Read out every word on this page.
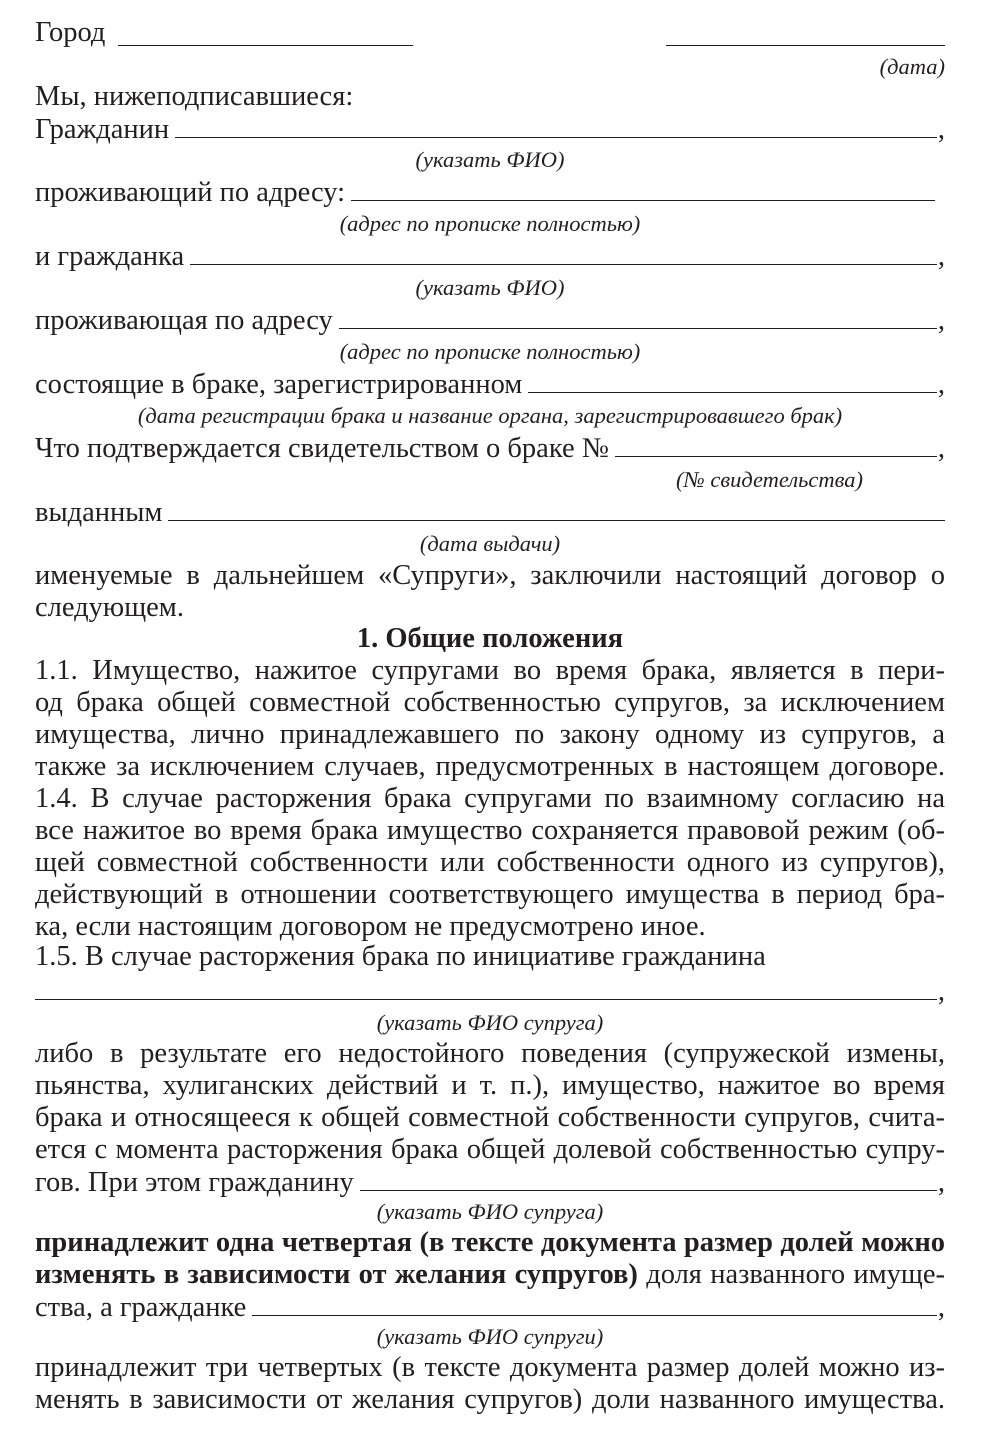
Город
(дата)
Мы, нижеподписавшиеся:
Гражданин	,
(указать ФИО)
проживающий по адресу:
(адрес по прописке полностью)
и гражданка	,
(указать ФИО)
проживающая по адресу	,
(адрес по прописке полностью)
состоящие в браке, зарегистрированном	,
(дата регистрации брака и название органа, зарегистрировавшего брак)
Что подтверждается свидетельством о браке №	,
(№ свидетельства)
выданным
(дата выдачи)
именуемые в дальнейшем «Супруги», заключили настоящий договор о
следующем.
1. Общие положения
1.1. Имущество, нажитое супругами во время брака, является в пери-
од брака общей совместной собственностью супругов, за исключением
имущества, лично принадлежавшего по закону одному из супругов, а
также за исключением случаев, предусмотренных в настоящем договоре.
1.4. В случае расторжения брака супругами по взаимному согласию на
все нажитое во время брака имущество сохраняется правовой режим (об-
щей совместной собственности или собственности одного из супругов),
действующий в отношении соответствующего имущества в период бра-
ка, если настоящим договором не предусмотрено иное.
1.5. В случае расторжения брака по инициативе гражданина
,
(указать ФИО супруга)
либо в результате его недостойного поведения (супружеской измены,
пьянства, хулиганских действий и т. п.), имущество, нажитое во время
брака и относящееся к общей совместной собственности супругов, счита-
ется с момента расторжения брака общей долевой собственностью супру-
гов. При этом гражданину	,
(указать ФИО супруга)
принадлежит одна четвертая (в тексте документа размер долей можно
изменять в зависимости от желания супругов) доля названного имуще-
ства, а гражданке	,
(указать ФИО супруги)
принадлежит три четвертых (в тексте документа размер долей можно из-
менять в зависимости от желания супругов) доли названного имущества.
